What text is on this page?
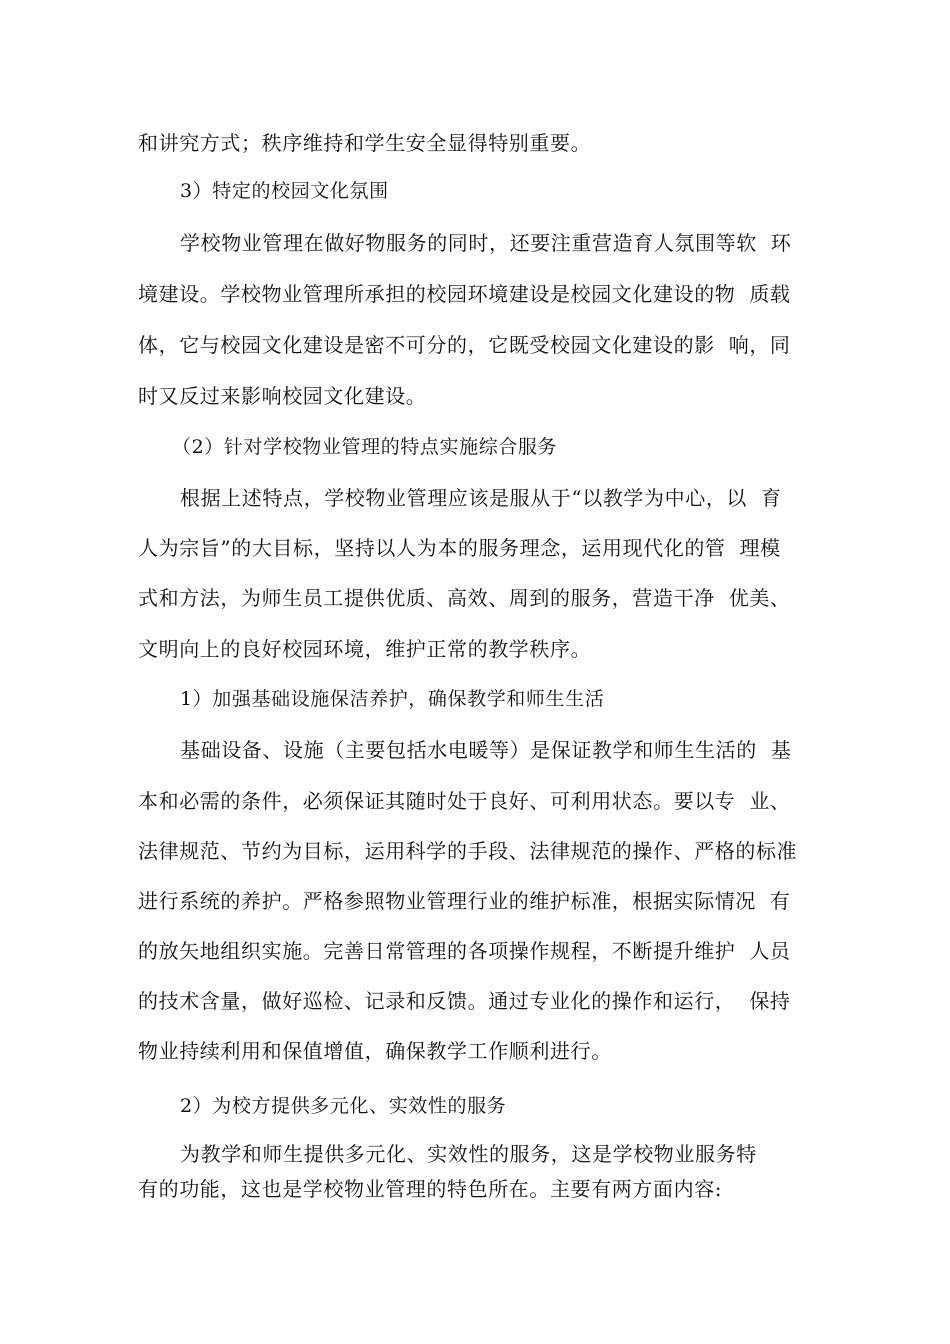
和讲究方式；秩序维持和学生安全显得特别重要。
3）特定的校园文化氛围
学校物业管理在做好物服务的同时，还要注重营造育人氛围等软  环
境建设。学校物业管理所承担的校园环境建设是校园文化建设的物  质载
体，它与校园文化建设是密不可分的，它既受校园文化建设的影  响，同
时又反过来影响校园文化建设。
（2）针对学校物业管理的特点实施综合服务
根据上述特点，学校物业管理应该是服从于“以教学为中心，以  育
人为宗旨”的大目标，坚持以人为本的服务理念，运用现代化的管  理模
式和方法，为师生员工提供优质、高效、周到的服务，营造干净  优美、
文明向上的良好校园环境，维护正常的教学秩序。
1）加强基础设施保洁养护，确保教学和师生生活
基础设备、设施（主要包括水电暖等）是保证教学和师生生活的  基
本和必需的条件，必须保证其随时处于良好、可利用状态。要以专  业、
法律规范、节约为目标，运用科学的手段、法律规范的操作、严格的标准
进行系统的养护。严格参照物业管理行业的维护标准，根据实际情况  有
的放矢地组织实施。完善日常管理的各项操作规程，不断提升维护  人员
的技术含量，做好巡检、记录和反馈。通过专业化的操作和运行，  保持
物业持续利用和保值增值，确保教学工作顺利进行。
2）为校方提供多元化、实效性的服务
为教学和师生提供多元化、实效性的服务，这是学校物业服务特
有的功能，这也是学校物业管理的特色所在。主要有两方面内容:
